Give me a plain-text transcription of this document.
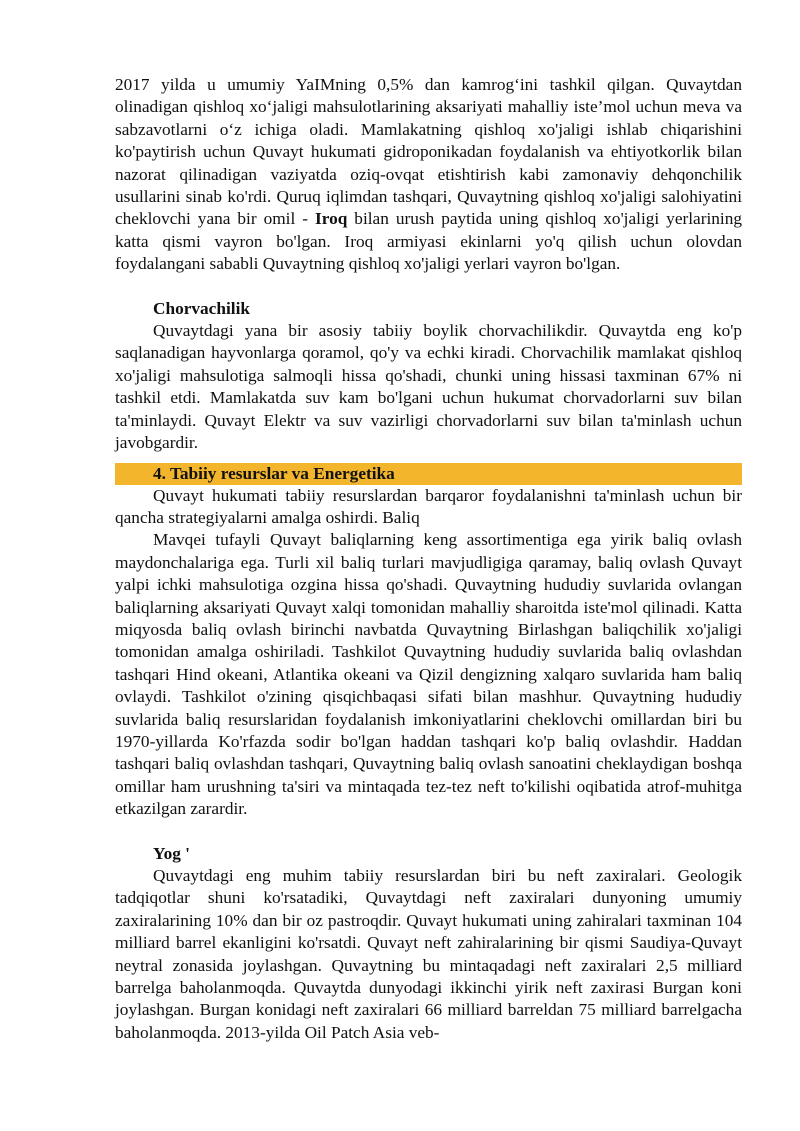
2017 yilda u umumiy YaIMning 0,5% dan kamrog‘ini tashkil qilgan. Quvaytdan olinadigan qishloq xo‘jaligi mahsulotlarining aksariyati mahalliy iste’mol uchun meva va sabzavotlarni o‘z ichiga oladi. Mamlakatning qishloq xo'jaligi ishlab chiqarishini ko'paytirish uchun Quvayt hukumati gidroponikadan foydalanish va ehtiyotkorlik bilan nazorat qilinadigan vaziyatda oziq-ovqat etishtirish kabi zamonaviy dehqonchilik usullarini sinab ko'rdi. Quruq iqlimdan tashqari, Quvaytning qishloq xo'jaligi salohiyatini cheklovchi yana bir omil - Iroq bilan urush paytida uning qishloq xo'jaligi yerlarining katta qismi vayron bo'lgan. Iroq armiyasi ekinlarni yo'q qilish uchun olovdan foydalangani sababli Quvaytning qishloq xo'jaligi yerlari vayron bo'lgan.

Chorvachilik

Quvaytdagi yana bir asosiy tabiiy boylik chorvachilikdir. Quvaytda eng ko'p saqlanadigan hayvonlarga qoramol, qo'y va echki kiradi. Chorvachilik mamlakat qishloq xo'jaligi mahsulotiga salmoqli hissa qo'shadi, chunki uning hissasi taxminan 67% ni tashkil etdi. Mamlakatda suv kam bo'lgani uchun hukumat chorvadorlarni suv bilan ta'minlaydi. Quvayt Elektr va suv vazirligi chorvadorlarni suv bilan ta'minlash uchun javobgardir.

4. Tabiiy resurslar va Energetika

Quvayt hukumati tabiiy resurslardan barqaror foydalanishni ta'minlash uchun bir qancha strategiyalarni amalga oshirdi. Baliq

Mavqei tufayli Quvayt baliqlarning keng assortimentiga ega yirik baliq ovlash maydonchalariga ega. Turli xil baliq turlari mavjudligiga qaramay, baliq ovlash Quvayt yalpi ichki mahsulotiga ozgina hissa qo'shadi. Quvaytning hududiy suvlarida ovlangan baliqlarning aksariyati Quvayt xalqi tomonidan mahalliy sharoitda iste'mol qilinadi. Katta miqyosda baliq ovlash birinchi navbatda Quvaytning Birlashgan baliqchilik xo'jaligi tomonidan amalga oshiriladi. Tashkilot Quvaytning hududiy suvlarida baliq ovlashdan tashqari Hind okeani, Atlantika okeani va Qizil dengizning xalqaro suvlarida ham baliq ovlaydi. Tashkilot o'zining qisqichbaqasi sifati bilan mashhur. Quvaytning hududiy suvlarida baliq resurslaridan foydalanish imkoniyatlarini cheklovchi omillardan biri bu 1970-yillarda Ko'rfazda sodir bo'lgan haddan tashqari ko'p baliq ovlashdir. Haddan tashqari baliq ovlashdan tashqari, Quvaytning baliq ovlash sanoatini cheklaydigan boshqa omillar ham urushning ta'siri va mintaqada tez-tez neft to'kilishi oqibatida atrof-muhitga etkazilgan zarardir.

Yog '

Quvaytdagi eng muhim tabiiy resurslardan biri bu neft zaxiralari. Geologik tadqiqotlar shuni ko'rsatadiki, Quvaytdagi neft zaxiralari dunyoning umumiy zaxiralarining 10% dan bir oz pastroqdir. Quvayt hukumati uning zahiralari taxminan 104 milliard barrel ekanligini ko'rsatdi. Quvayt neft zahiralarining bir qismi Saudiya-Quvayt neytral zonasida joylashgan. Quvaytning bu mintaqadagi neft zaxiralari 2,5 milliard barrelga baholanmoqda. Quvaytda dunyodagi ikkinchi yirik neft zaxirasi Burgan koni joylashgan. Burgan konidagi neft zaxiralari 66 milliard barreldan 75 milliard barrelgacha baholanmoqda. 2013-yilda Oil Patch Asia veb-
